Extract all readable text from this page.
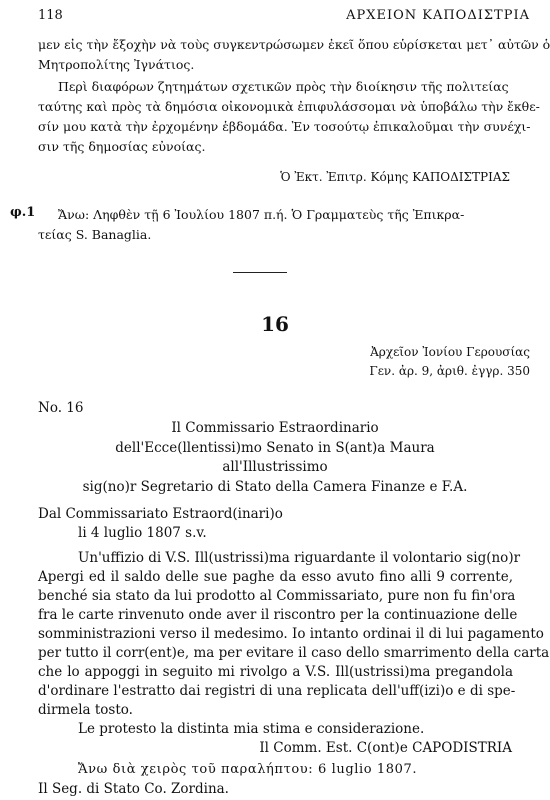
118	ΑΡΧΕΙΟΝ ΚΑΠΟΔΙΣΤΡΙΑ
μεν εἰς τὴν ἔξοχὴν νὰ τοὺς συγκεντρώσωμεν ἐκεῖ ὅπου εὑρίσκεται μετ᾽ αὐτῶν ὁ
Μητροπολίτης Ἰγνάτιος.
Περὶ διαφόρων ζητημάτων σχετικῶν πρὸς τὴν διοίκησιν τῆς πολιτείας
ταύτης καὶ πρὸς τὰ δημόσια οἰκονομικὰ ἐπιφυλάσσομαι νὰ ὑποβάλω τὴν ἔκθε-
σίν μου κατὰ τὴν ἐρχομένην ἑβδομάδα. Ἐν τοσούτῳ ἐπικαλοῦμαι τὴν συνέχι-
σιν τῆς δημοσίας εὐνοίας.
Ὁ Ἐκτ. Ἐπιτρ. Κόμης ΚΑΠΟΔΙΣΤΡΙΑΣ
φ.1 Ἄνω: Ληφθὲν τῇ 6 Ἰουλίου 1807 π.ή. Ὁ Γραμματεὺς τῆς Ἐπικρα-
τείας S. Banaglia.
16
Ἀρχεῖον Ἰονίου Γερουσίας
Γεν. ἀρ. 9, ἀριθ. ἐγγρ. 350
No. 16
Il Commissario Estraordinario
dell'Ecce(llentissi)mo Senato in S(ant)a Maura
all'Illustrissimo
sig(no)r Segretario di Stato della Camera Finanze e F.A.
Dal Commissariato Estraord(inari)o
li 4 luglio 1807 s.v.
Un'uffizio di V.S. Ill(ustrissi)ma riguardante il volontario sig(no)r
Apergi ed il saldo delle sue paghe da esso avuto fino alli 9 corrente,
benché sia stato da lui prodotto al Commissariato, pure non fu fin'ora
fra le carte rinvenuto onde aver il riscontro per la continuazione delle
somministrazioni verso il medesimo. Io intanto ordinai il di lui pagamento
per tutto il corr(ent)e, ma per evitare il caso dello smarrimento della carta
che lo appoggi in seguito mi rivolgo a V.S. Ill(ustrissi)ma pregandola
d'ordinare l'estratto dai registri di una replicata dell'uff(izi)o e di spe-
dirmela tosto.
Le protesto la distinta mia stima e considerazione.
Il Comm. Est. C(ont)e CAPODISTRIA
Ἄνω διὰ χειρὸς τοῦ παραλήπτου: 6 luglio 1807.
Il Seg. di Stato Co. Zordina.
